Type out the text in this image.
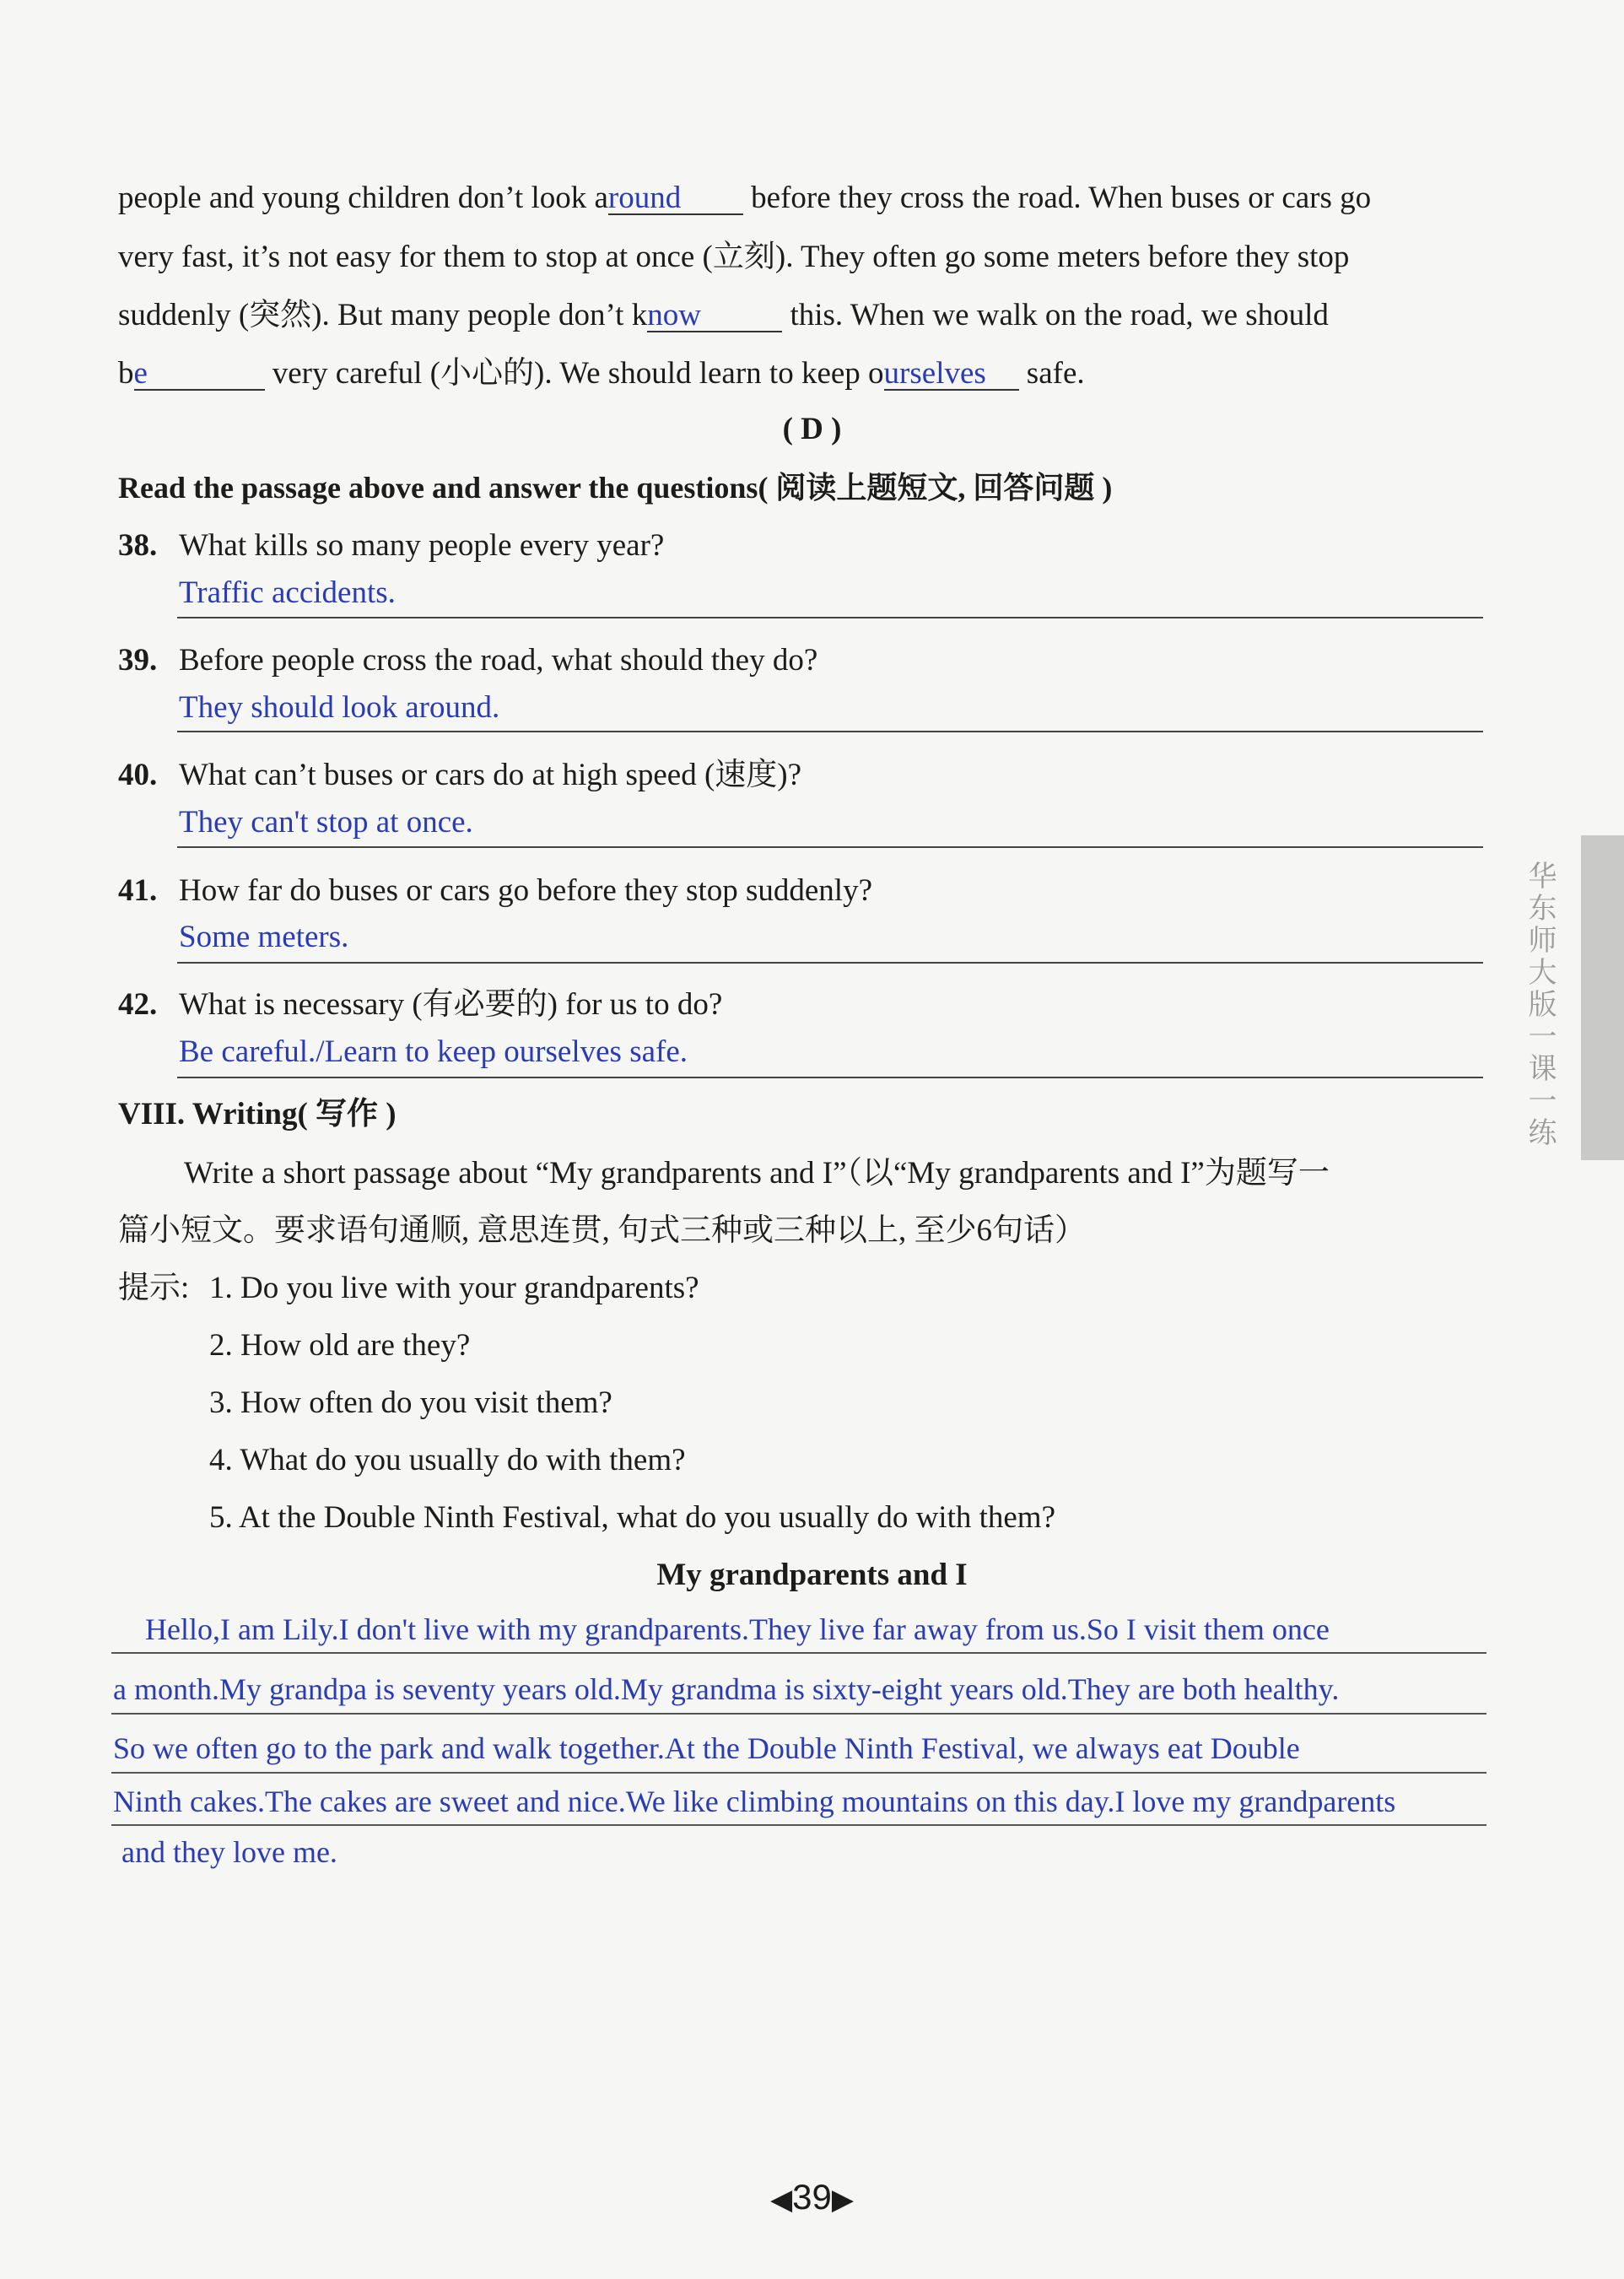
people and young children don’t look around before they cross the road. When buses or cars go
very fast, it’s not easy for them to stop at once (立刻). They often go some meters before they stop
suddenly (突然). But many people don’t know	this. When we walk on the road, we should
be	very careful (小心的). We should learn to keep ourselves safe.
( D )
Read the passage above and answer the questions( 阅读上题短文, 回答问题 )
38. What kills so many people every year?
Traffic accidents.
39. Before people cross the road, what should they do?
They should look around.
40. What can’t buses or cars do at high speed (速度)?
They can't stop at once.
41. How far do buses or cars go before they stop suddenly?
Some meters.
42. What is necessary (有必要的) for us to do?
Be careful./Learn to keep ourselves safe.
VIII. Writing( 写作 )
Write a short passage about “My grandparents and I”（以“My grandparents and I”为题写一
篇小短文。要求语句通顺, 意思连贯, 句式三种或三种以上, 至少6句话）
提示: 1. Do you live with your grandparents?
2. How old are they?
3. How often do you visit them?
4. What do you usually do with them?
5. At the Double Ninth Festival, what do you usually do with them?
My grandparents and I
Hello,I am Lily.I don't live with my grandparents.They live far away from us.So I visit them once
a month.My grandpa is seventy years old.My grandma is sixty-eight years old.They are both healthy.
So we often go to the park and walk together.At the Double Ninth Festival, we always eat Double
Ninth cakes.The cakes are sweet and nice.We like climbing mountains on this day.I love my grandparents
and they love me.
华东师大版一课一练
◀39▶
